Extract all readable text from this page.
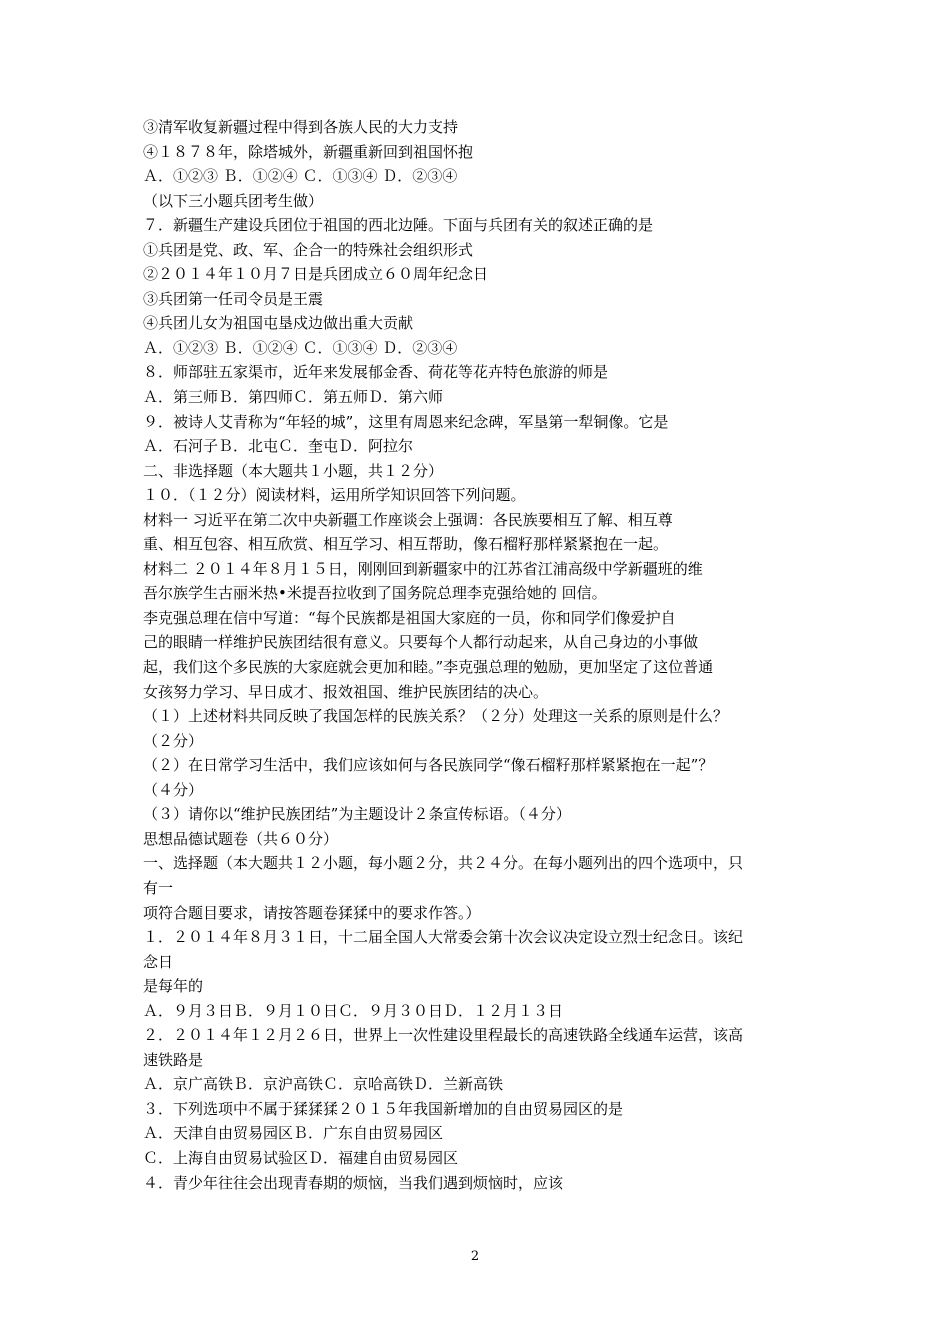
③清军收复新疆过程中得到各族人民的大力支持
④１８７８年，除塔城外，新疆重新回到祖国怀抱
Ａ．①②③ Ｂ．①②④ Ｃ．①③④ Ｄ．②③④
（以下三小题兵团考生做）
７．新疆生产建设兵团位于祖国的西北边陲。下面与兵团有关的叙述正确的是
①兵团是党、政、军、企合一的特殊社会组织形式
②２０１４年１０月７日是兵团成立６０周年纪念日
③兵团第一任司令员是王震
④兵团儿女为祖国屯垦戍边做出重大贡献
Ａ．①②③ Ｂ．①②④ Ｃ．①③④ Ｄ．②③④
８．师部驻五家渠市，近年来发展郁金香、荷花等花卉特色旅游的师是
Ａ．第三师Ｂ．第四师Ｃ．第五师Ｄ．第六师
９．被诗人艾青称为“年轻的城”，这里有周恩来纪念碑，军垦第一犁铜像。它是
Ａ．石河子Ｂ．北屯Ｃ．奎屯Ｄ．阿拉尔
二、非选择题（本大题共１小题，共１２分）
１０．（１２分）阅读材料，运用所学知识回答下列问题。
材料一 习近平在第二次中央新疆工作座谈会上强调：各民族要相互了解、相互尊
重、相互包容、相互欣赏、相互学习、相互帮助，像石榴籽那样紧紧抱在一起。
材料二 ２０１４年８月１５日，刚刚回到新疆家中的江苏省江浦高级中学新疆班的维
吾尔族学生古丽米热•米提吾拉收到了国务院总理李克强给她的 回信。
李克强总理在信中写道：“每个民族都是祖国大家庭的一员，你和同学们像爱护自
己的眼睛一样维护民族团结很有意义。只要每个人都行动起来，从自己身边的小事做
起，我们这个多民族的大家庭就会更加和睦。”李克强总理的勉励，更加坚定了这位普通
女孩努力学习、早日成才、报效祖国、维护民族团结的决心。
（１）上述材料共同反映了我国怎样的民族关系？（２分）处理这一关系的原则是什么？
（２分）
（２）在日常学习生活中，我们应该如何与各民族同学“像石榴籽那样紧紧抱在一起”？
（４分）
（３）请你以“维护民族团结”为主题设计２条宣传标语。（４分）
思想品德试题卷（共６０分）
一、选择题（本大题共１２小题，每小题２分，共２４分。在每小题列出的四个选项中，只
有一
项符合题目要求，请按答题卷猱猱中的要求作答。）
１．２０１４年８月３１日，十二届全国人大常委会第十次会议决定设立烈士纪念日。该纪
念日
是每年的
Ａ．９月３日Ｂ．９月１０日Ｃ．９月３０日Ｄ．１２月１３日
２．２０１４年１２月２６日，世界上一次性建设里程最长的高速铁路全线通车运营，该高
速铁路是
Ａ．京广高铁Ｂ．京沪高铁Ｃ．京哈高铁Ｄ．兰新高铁
３．下列选项中不属于猱猱猱２０１５年我国新增加的自由贸易园区的是
Ａ．天津自由贸易园区Ｂ．广东自由贸易园区
Ｃ．上海自由贸易试验区Ｄ．福建自由贸易园区
４．青少年往往会出现青春期的烦恼，当我们遇到烦恼时，应该
2
